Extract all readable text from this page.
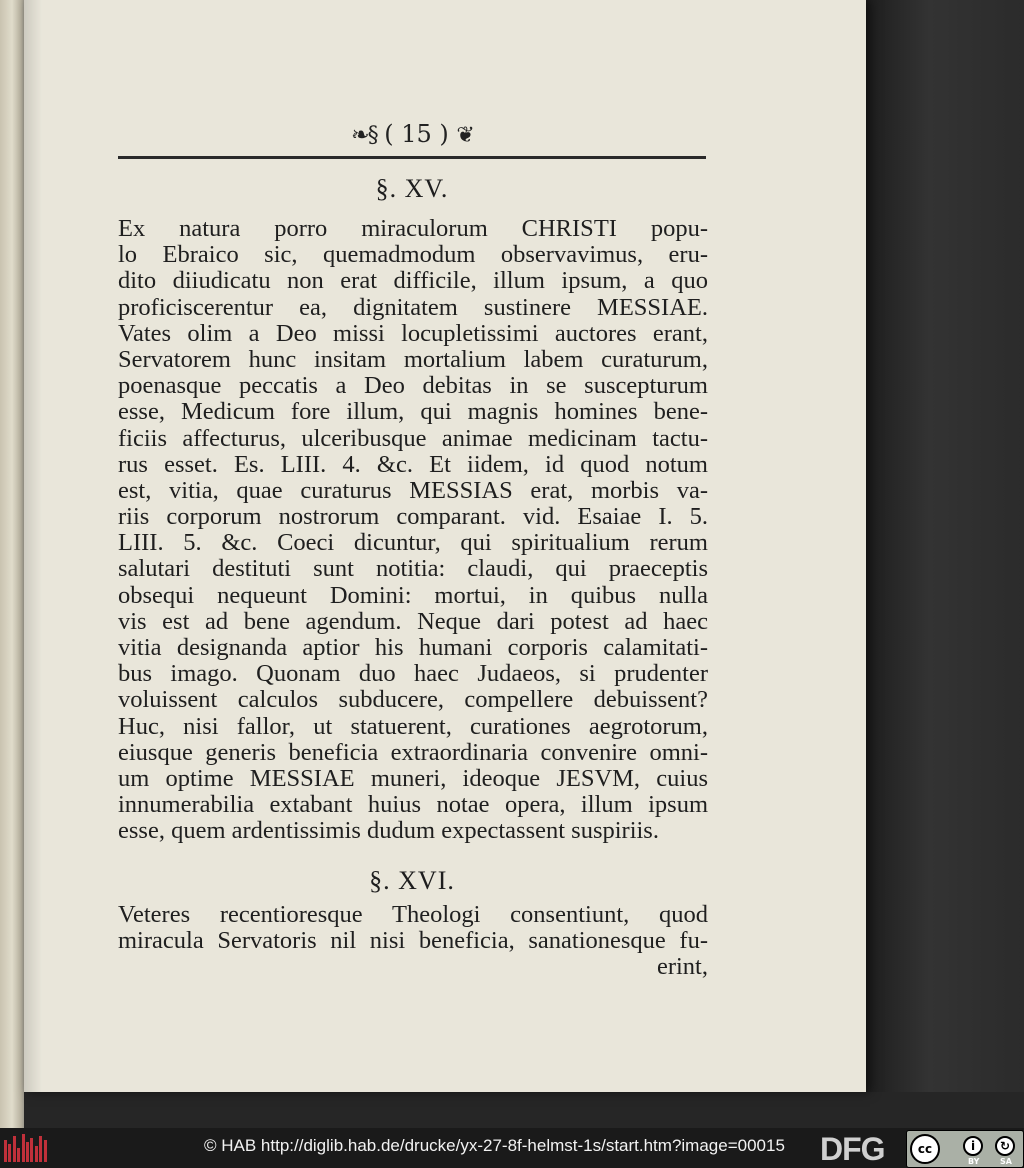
❧§ ( 15 ) ❦
§. XV.
Ex natura porro miraculorum CHRISTI popu-
lo Ebraico sic, quemadmodum observavimus, eru-
dito diiudicatu non erat difficile, illum ipsum, a quo
proficiscerentur ea, dignitatem sustinere MESSIAE.
Vates olim a Deo missi locupletissimi auctores erant,
Servatorem hunc insitam mortalium labem curaturum,
poenasque peccatis a Deo debitas in se suscepturum
esse, Medicum fore illum, qui magnis homines bene-
ficiis affecturus, ulceribusque animae medicinam tactu-
rus esset. Es. LIII. 4. &c. Et iidem, id quod notum
est, vitia, quae curaturus MESSIAS erat, morbis va-
riis corporum nostrorum comparant. vid. Esaiae I. 5.
LIII. 5. &c. Coeci dicuntur, qui spiritualium rerum
salutari destituti sunt notitia: claudi, qui praeceptis
obsequi nequeunt Domini: mortui, in quibus nulla
vis est ad bene agendum. Neque dari potest ad haec
vitia designanda aptior his humani corporis calamitati-
bus imago. Quonam duo haec Judaeos, si prudenter
voluissent calculos subducere, compellere debuissent?
Huc, nisi fallor, ut statuerent, curationes aegrotorum,
eiusque generis beneficia extraordinaria convenire omni-
um optime MESSIAE muneri, ideoque JESVM, cuius
innumerabilia extabant huius notae opera, illum ipsum
esse, quem ardentissimis dudum expectassent suspiriis.
§. XVI.
Veteres recentioresque Theologi consentiunt, quod
miracula Servatoris nil nisi beneficia, sanationesque fu-
erint,
© HAB http://diglib.hab.de/drucke/yx-27-8f-helmst-1s/start.htm?image=00015 DFG	cc	i	↻
BY	SA
